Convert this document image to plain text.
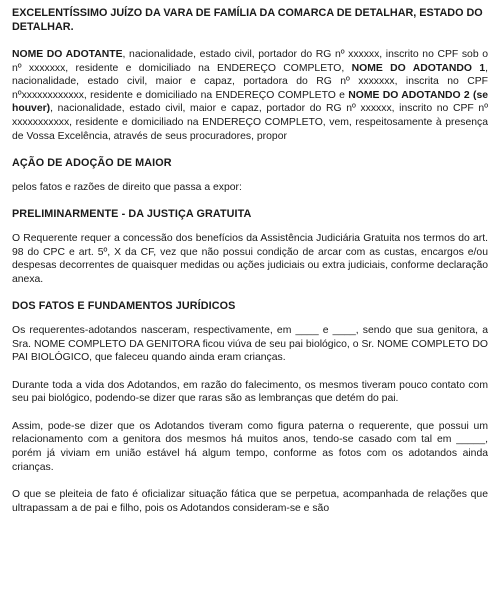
EXCELENTÍSSIMO JUÍZO DA VARA DE FAMÍLIA DA COMARCA DE DETALHAR, ESTADO DO DETALHAR.

NOME DO ADOTANTE, nacionalidade, estado civil, portador do RG nº xxxxxx, inscrito no CPF sob o nº xxxxxxx, residente e domiciliado na ENDEREÇO COMPLETO, NOME DO ADOTANDO 1, nacionalidade, estado civil, maior e capaz, portadora do RG nº xxxxxxx, inscrita no CPF nºxxxxxxxxxxxx, residente e domiciliado na ENDEREÇO COMPLETO e NOME DO ADOTANDO 2 (se houver), nacionalidade, estado civil, maior e capaz, portador do RG nº xxxxxx, inscrito no CPF nº xxxxxxxxxxx, residente e domiciliado na ENDEREÇO COMPLETO, vem, respeitosamente à presença de Vossa Excelência, através de seus procuradores, propor

AÇÃO DE ADOÇÃO DE MAIOR

pelos fatos e razões de direito que passa a expor:

PRELIMINARMENTE - DA JUSTIÇA GRATUITA

O Requerente requer a concessão dos benefícios da Assistência Judiciária Gratuita nos termos do art. 98 do CPC e art. 5º, X da CF, vez que não possui condição de arcar com as custas, encargos e/ou despesas decorrentes de quaisquer medidas ou ações judiciais ou extra judiciais, conforme declaração anexa.

DOS FATOS E FUNDAMENTOS JURÍDICOS

Os requerentes-adotandos nasceram, respectivamente, em ____ e ____, sendo que sua genitora, a Sra. NOME COMPLETO DA GENITORA ficou viúva de seu pai biológico, o Sr. NOME COMPLETO DO PAI BIOLÓGICO, que faleceu quando ainda eram crianças.

Durante toda a vida dos Adotandos, em razão do falecimento, os mesmos tiveram pouco contato com seu pai biológico, podendo-se dizer que raras são as lembranças que detém do pai.

Assim, pode-se dizer que os Adotandos tiveram como figura paterna o requerente, que possui um relacionamento com a genitora dos mesmos há muitos anos, tendo-se casado com tal em _____, porém já viviam em união estável há algum tempo, conforme as fotos com os adotandos ainda crianças.

O que se pleiteia de fato é oficializar situação fática que se perpetua, acompanhada de relações que ultrapassam a de pai e filho, pois os Adotandos consideram-se e são
